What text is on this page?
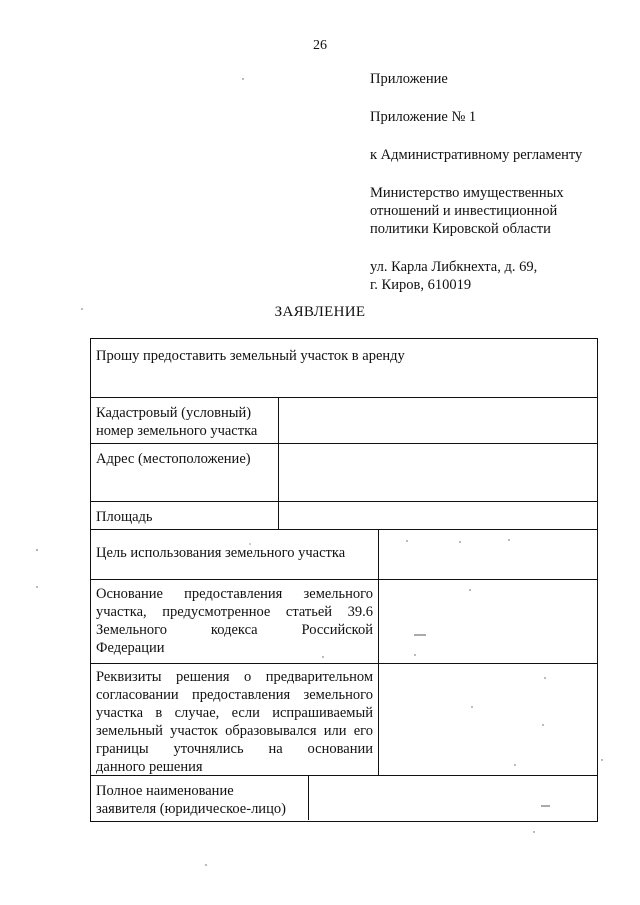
26

Приложение

Приложение № 1

к Административному регламенту

Министерство имущественных

отношений и инвестиционной

политики Кировской области

ул. Карла Либкнехта, д. 69,

г. Киров, 610019

ЗАЯВЛЕНИЕ
Прошу предоставить земельный участок в аренду
Кадастровый (условный)
номер земельного участка
Адрес (местоположение)
Площадь
Цель использования земельного участка
Основание предоставления земельного
участка, предусмотренное статьей 39.6
Земельного кодекса Российской
Федерации
Реквизиты решения о предварительном
согласовании предоставления земельного
участка в случае, если испрашиваемый
земельный участок образовывался или его
границы уточнялись на основании
данного решения
Полное наименование
заявителя (юридическое-лицо)
